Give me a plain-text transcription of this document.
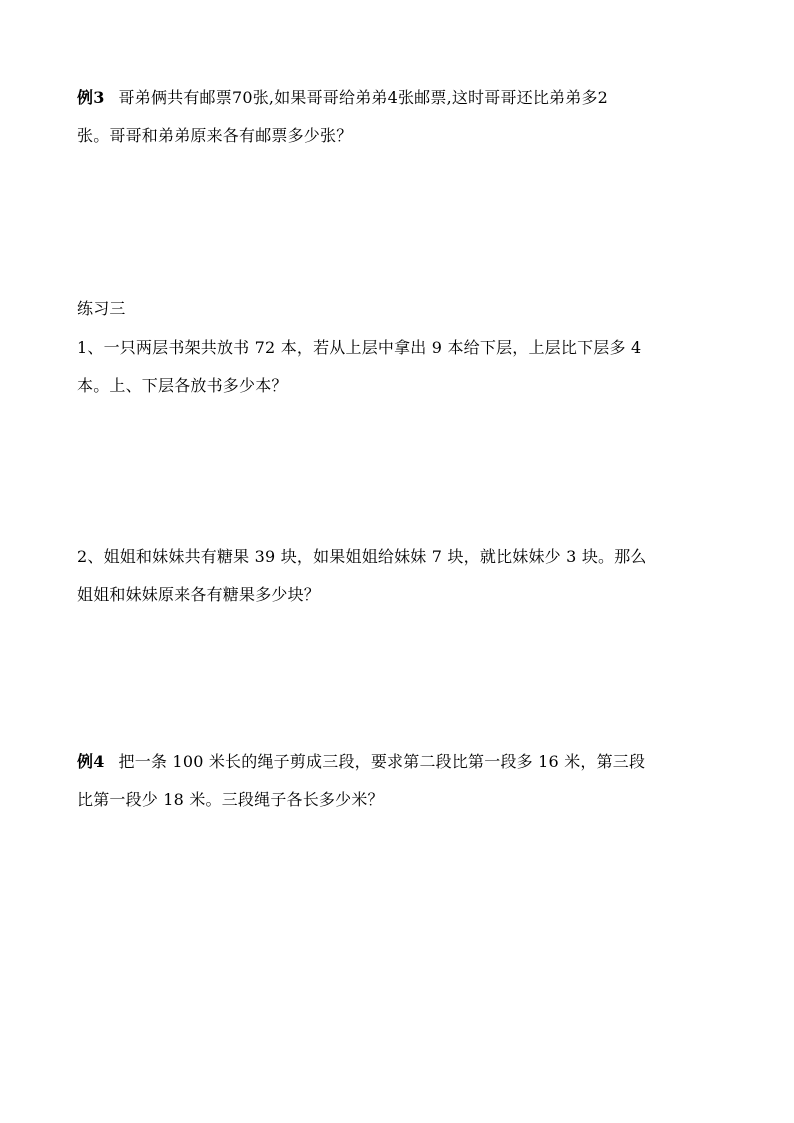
例3 哥弟俩共有邮票70张,如果哥哥给弟弟4张邮票,这时哥哥还比弟弟多2
张。哥哥和弟弟原来各有邮票多少张？
练习三
1、一只两层书架共放书 72 本，若从上层中拿出 9 本给下层，上层比下层多 4
本。上、下层各放书多少本？
2、姐姐和妹妹共有糖果 39 块，如果姐姐给妹妹 7 块，就比妹妹少 3 块。那么
姐姐和妹妹原来各有糖果多少块？
例4 把一条 100 米长的绳子剪成三段，要求第二段比第一段多 16 米，第三段
比第一段少 18 米。三段绳子各长多少米？
